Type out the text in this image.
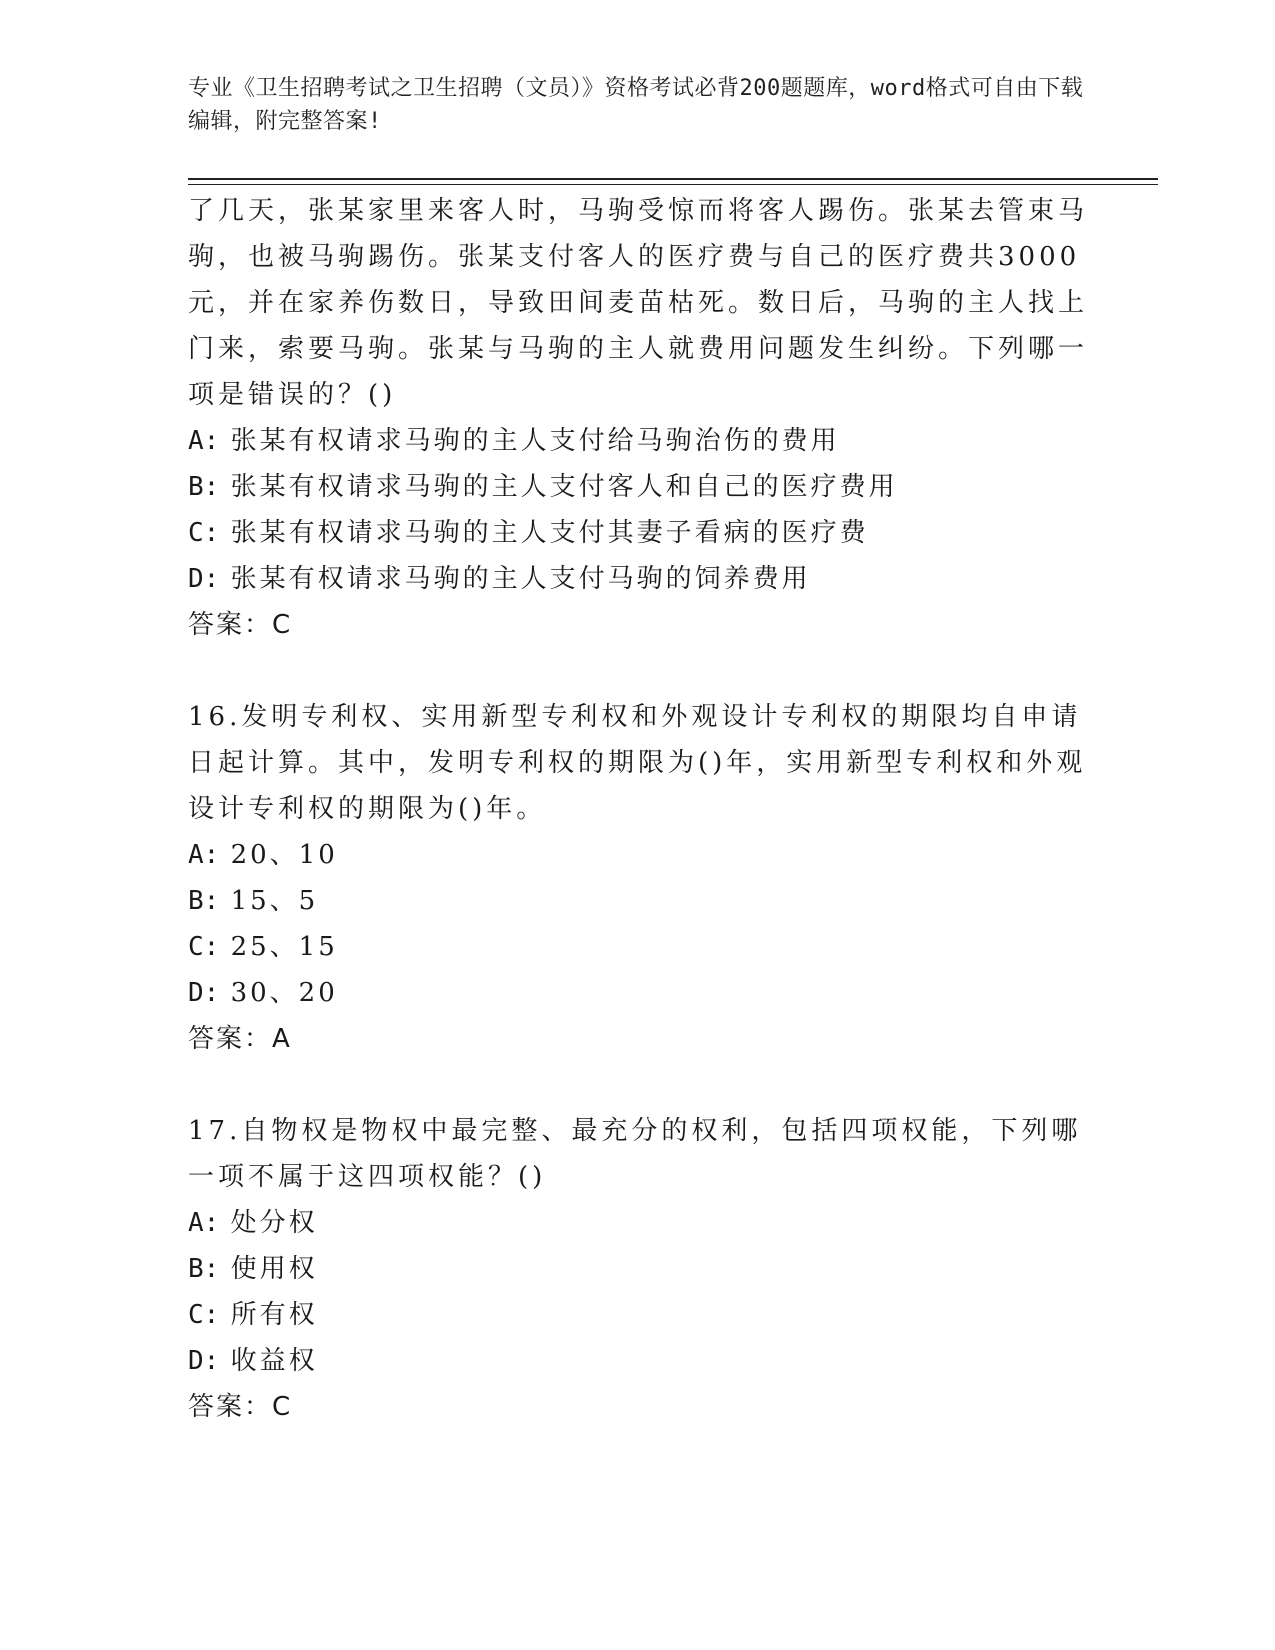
专业《卫生招聘考试之卫生招聘（文员）》资格考试必背200题题库，word格式可自由下载编辑，附完整答案!

了几天，张某家里来客人时，马驹受惊而将客人踢伤。张某去管束马驹，也被马驹踢伤。张某支付客人的医疗费与自己的医疗费共3000元，并在家养伤数日，导致田间麦苗枯死。数日后，马驹的主人找上门来，索要马驹。张某与马驹的主人就费用问题发生纠纷。下列哪一项是错误的？()

A: 张某有权请求马驹的主人支付给马驹治伤的费用

B: 张某有权请求马驹的主人支付客人和自己的医疗费用

C: 张某有权请求马驹的主人支付其妻子看病的医疗费

D: 张某有权请求马驹的主人支付马驹的饲养费用

答案：C

16.发明专利权、实用新型专利权和外观设计专利权的期限均自申请日起计算。其中，发明专利权的期限为()年，实用新型专利权和外观设计专利权的期限为()年。

A: 20、10

B: 15、5

C: 25、15

D: 30、20

答案：A

17.自物权是物权中最完整、最充分的权利，包括四项权能，下列哪一项不属于这四项权能？()

A: 处分权

B: 使用权

C: 所有权

D: 收益权

答案：C
